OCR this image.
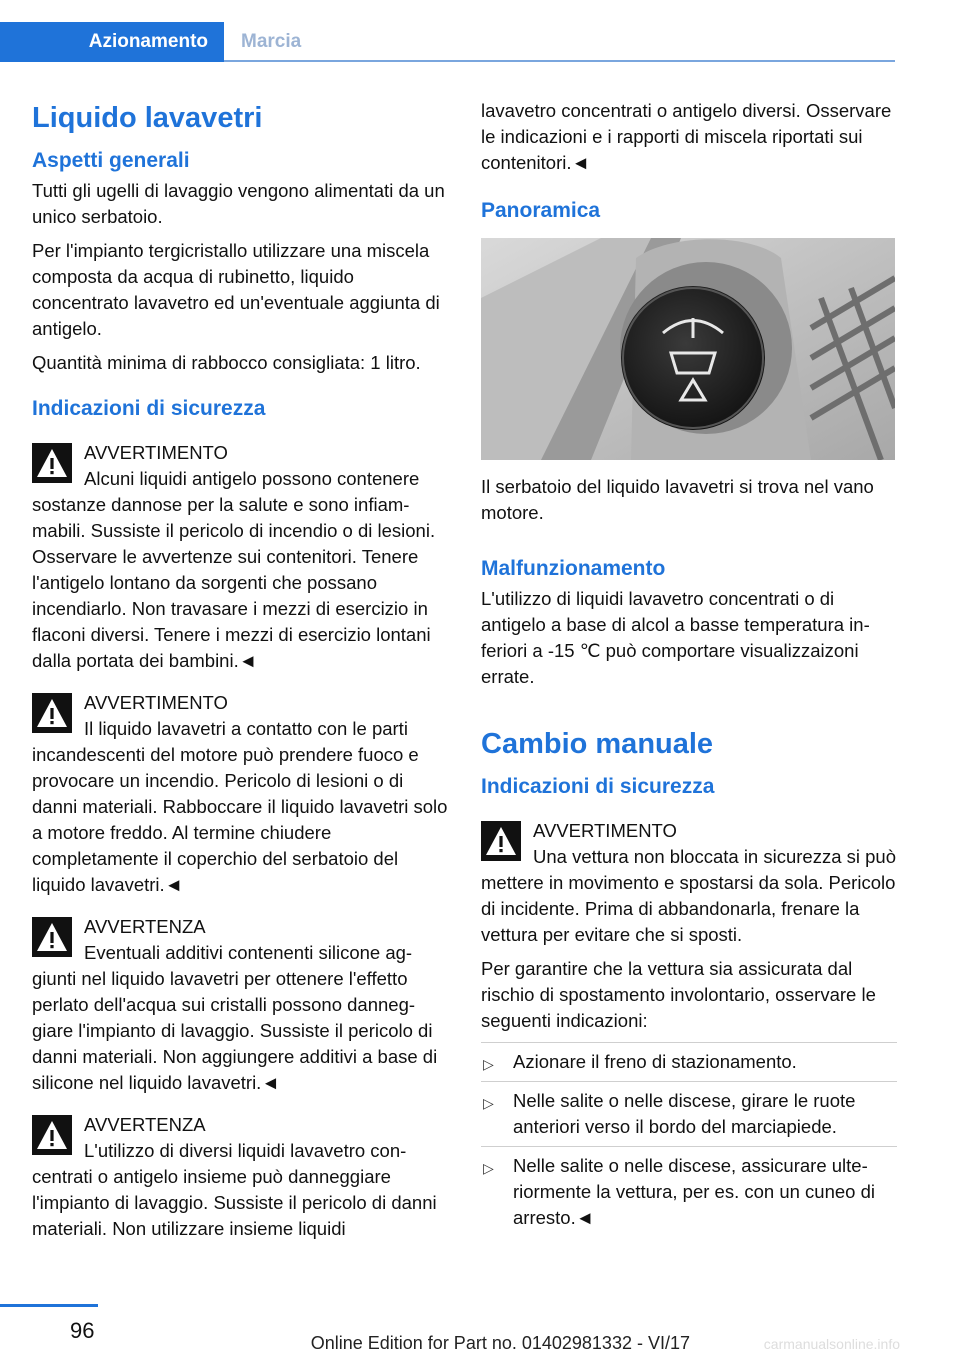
Azionamento	Marcia
Liquido lavavetri
Aspetti generali

Tutti gli ugelli di lavaggio vengono alimentati da un unico serbatoio.

Per l'impianto tergicristallo utilizzare una miscela composta da acqua di rubinetto, liquido concentrato lavavetro ed un'eventuale aggiunta di antigelo.

Quantità minima di rabbocco consigliata: 1 litro.

Indicazioni di sicurezza

AVVERTIMENTO

Alcuni liquidi antigelo possono contenere sostanze dannose per la salute e sono infiammabili. Sussiste il pericolo di incendio o di lesioni. Osservare le avvertenze sui contenitori. Tenere l'antigelo lontano da sorgenti che possano incendiarlo. Non travasare i mezzi di esercizio in flaconi diversi. Tenere i mezzi di esercizio lontani dalla portata dei bambini.◄

AVVERTIMENTO

Il liquido lavavetri a contatto con le parti incandescenti del motore può prendere fuoco e provocare un incendio. Pericolo di lesioni o di danni materiali. Rabboccare il liquido lavavetri solo a motore freddo. Al termine chiudere completamente il coperchio del serbatoio del liquido lavavetri.◄

AVVERTENZA

Eventuali additivi contenenti silicone aggiunti nel liquido lavavetri per ottenere l'effetto perlato dell'acqua sui cristalli possono danneggiare l'impianto di lavaggio. Sussiste il pericolo di danni materiali. Non aggiungere additivi a base di silicone nel liquido lavavetri.◄

AVVERTENZA

L'utilizzo di diversi liquidi lavavetro concentrati o antigelo insieme può danneggiare l'impianto di lavaggio. Sussiste il pericolo di danni materiali. Non utilizzare insieme liquidi

lavavetro concentrati o antigelo diversi. Osservare le indicazioni e i rapporti di miscela riportati sui contenitori.◄

Panoramica

Il serbatoio del liquido lavavetri si trova nel vano motore.

Malfunzionamento

L'utilizzo di liquidi lavavetro concentrati o di antigelo a base di alcol a basse temperatura inferiori a -15 ℃ può comportare visualizzaizoni errate.

Cambio manuale
Indicazioni di sicurezza

AVVERTIMENTO

Una vettura non bloccata in sicurezza si può mettere in movimento e spostarsi da sola. Pericolo di incidente. Prima di abbandonarla, frenare la vettura per evitare che si sposti.

Per garantire che la vettura sia assicurata dal rischio di spostamento involontario, osservare le seguenti indicazioni:

▷ Azionare il freno di stazionamento.
▷ Nelle salite o nelle discese, girare le ruote anteriori verso il bordo del marciapiede.
▷ Nelle salite o nelle discese, assicurare ulteriormente la vettura, per es. con un cuneo di arresto.◄
96	Online Edition for Part no. 01402981332 - VI/17	carmanualsonline.info
